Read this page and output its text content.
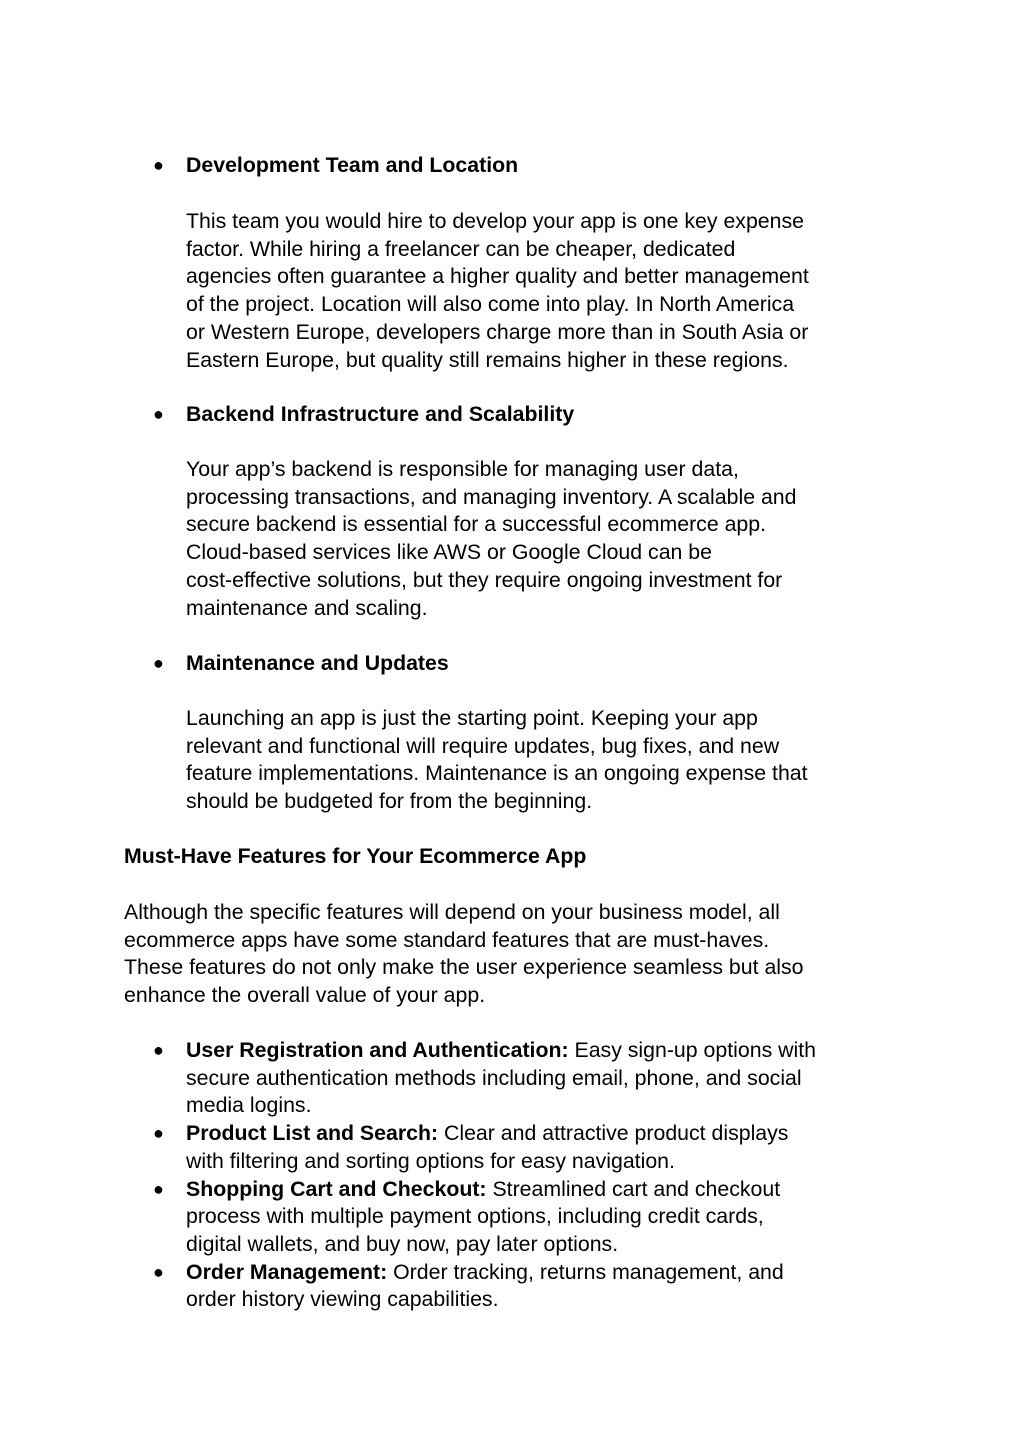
●	Development Team and Location
This team you would hire to develop your app is one key expense
factor. While hiring a freelancer can be cheaper, dedicated
agencies often guarantee a higher quality and better management
of the project. Location will also come into play. In North America
or Western Europe, developers charge more than in South Asia or
Eastern Europe, but quality still remains higher in these regions.
●	Backend Infrastructure and Scalability
Your app’s backend is responsible for managing user data,
processing transactions, and managing inventory. A scalable and
secure backend is essential for a successful ecommerce app.
Cloud-based services like AWS or Google Cloud can be
cost-effective solutions, but they require ongoing investment for
maintenance and scaling.
●	Maintenance and Updates
Launching an app is just the starting point. Keeping your app
relevant and functional will require updates, bug fixes, and new
feature implementations. Maintenance is an ongoing expense that
should be budgeted for from the beginning.
Must-Have Features for Your Ecommerce App
Although the specific features will depend on your business model, all
ecommerce apps have some standard features that are must-haves.
These features do not only make the user experience seamless but also
enhance the overall value of your app.
● User Registration and Authentication: Easy sign-up options with
secure authentication methods including email, phone, and social
media logins.
● Product List and Search: Clear and attractive product displays
with filtering and sorting options for easy navigation.
● Shopping Cart and Checkout: Streamlined cart and checkout
process with multiple payment options, including credit cards,
digital wallets, and buy now, pay later options.
● Order Management: Order tracking, returns management, and
order history viewing capabilities.
